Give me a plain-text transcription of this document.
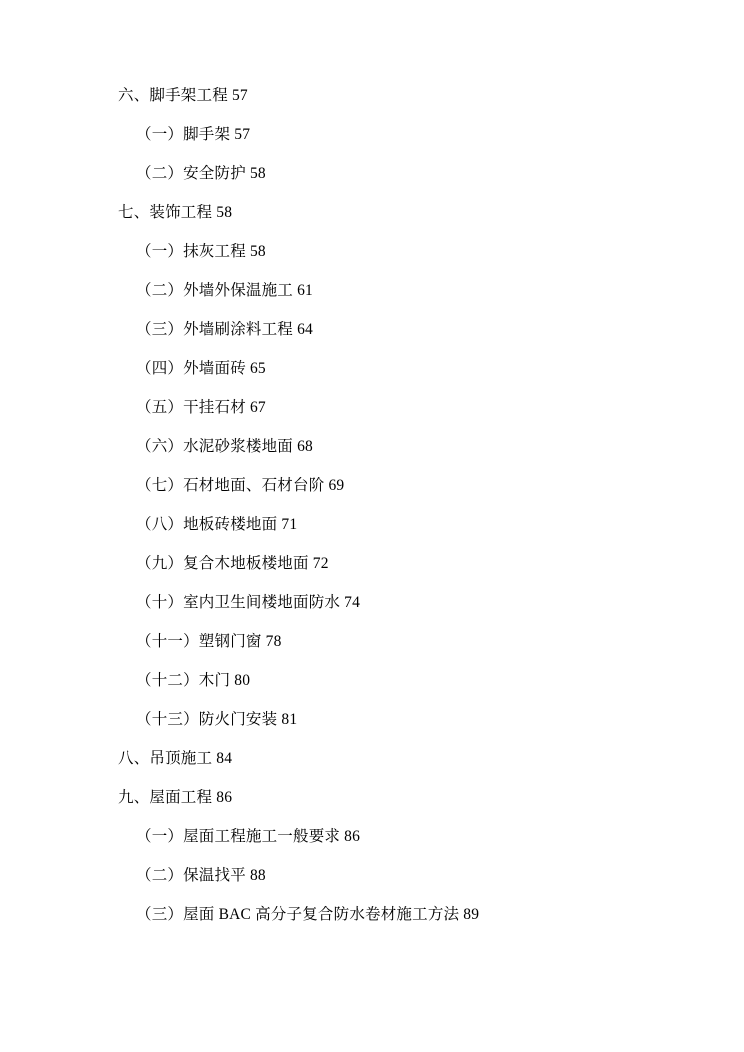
六、脚手架工程 57
（一）脚手架 57
（二）安全防护 58
七、装饰工程 58
（一）抹灰工程 58
（二）外墙外保温施工 61
（三）外墙刷涂料工程 64
（四）外墙面砖 65
（五）干挂石材 67
（六）水泥砂浆楼地面 68
（七）石材地面、石材台阶 69
（八）地板砖楼地面 71
（九）复合木地板楼地面 72
（十）室内卫生间楼地面防水 74
（十一）塑钢门窗 78
（十二）木门 80
（十三）防火门安装 81
八、吊顶施工 84
九、屋面工程 86
（一）屋面工程施工一般要求 86
（二）保温找平 88
（三）屋面 BAC 高分子复合防水卷材施工方法 89
